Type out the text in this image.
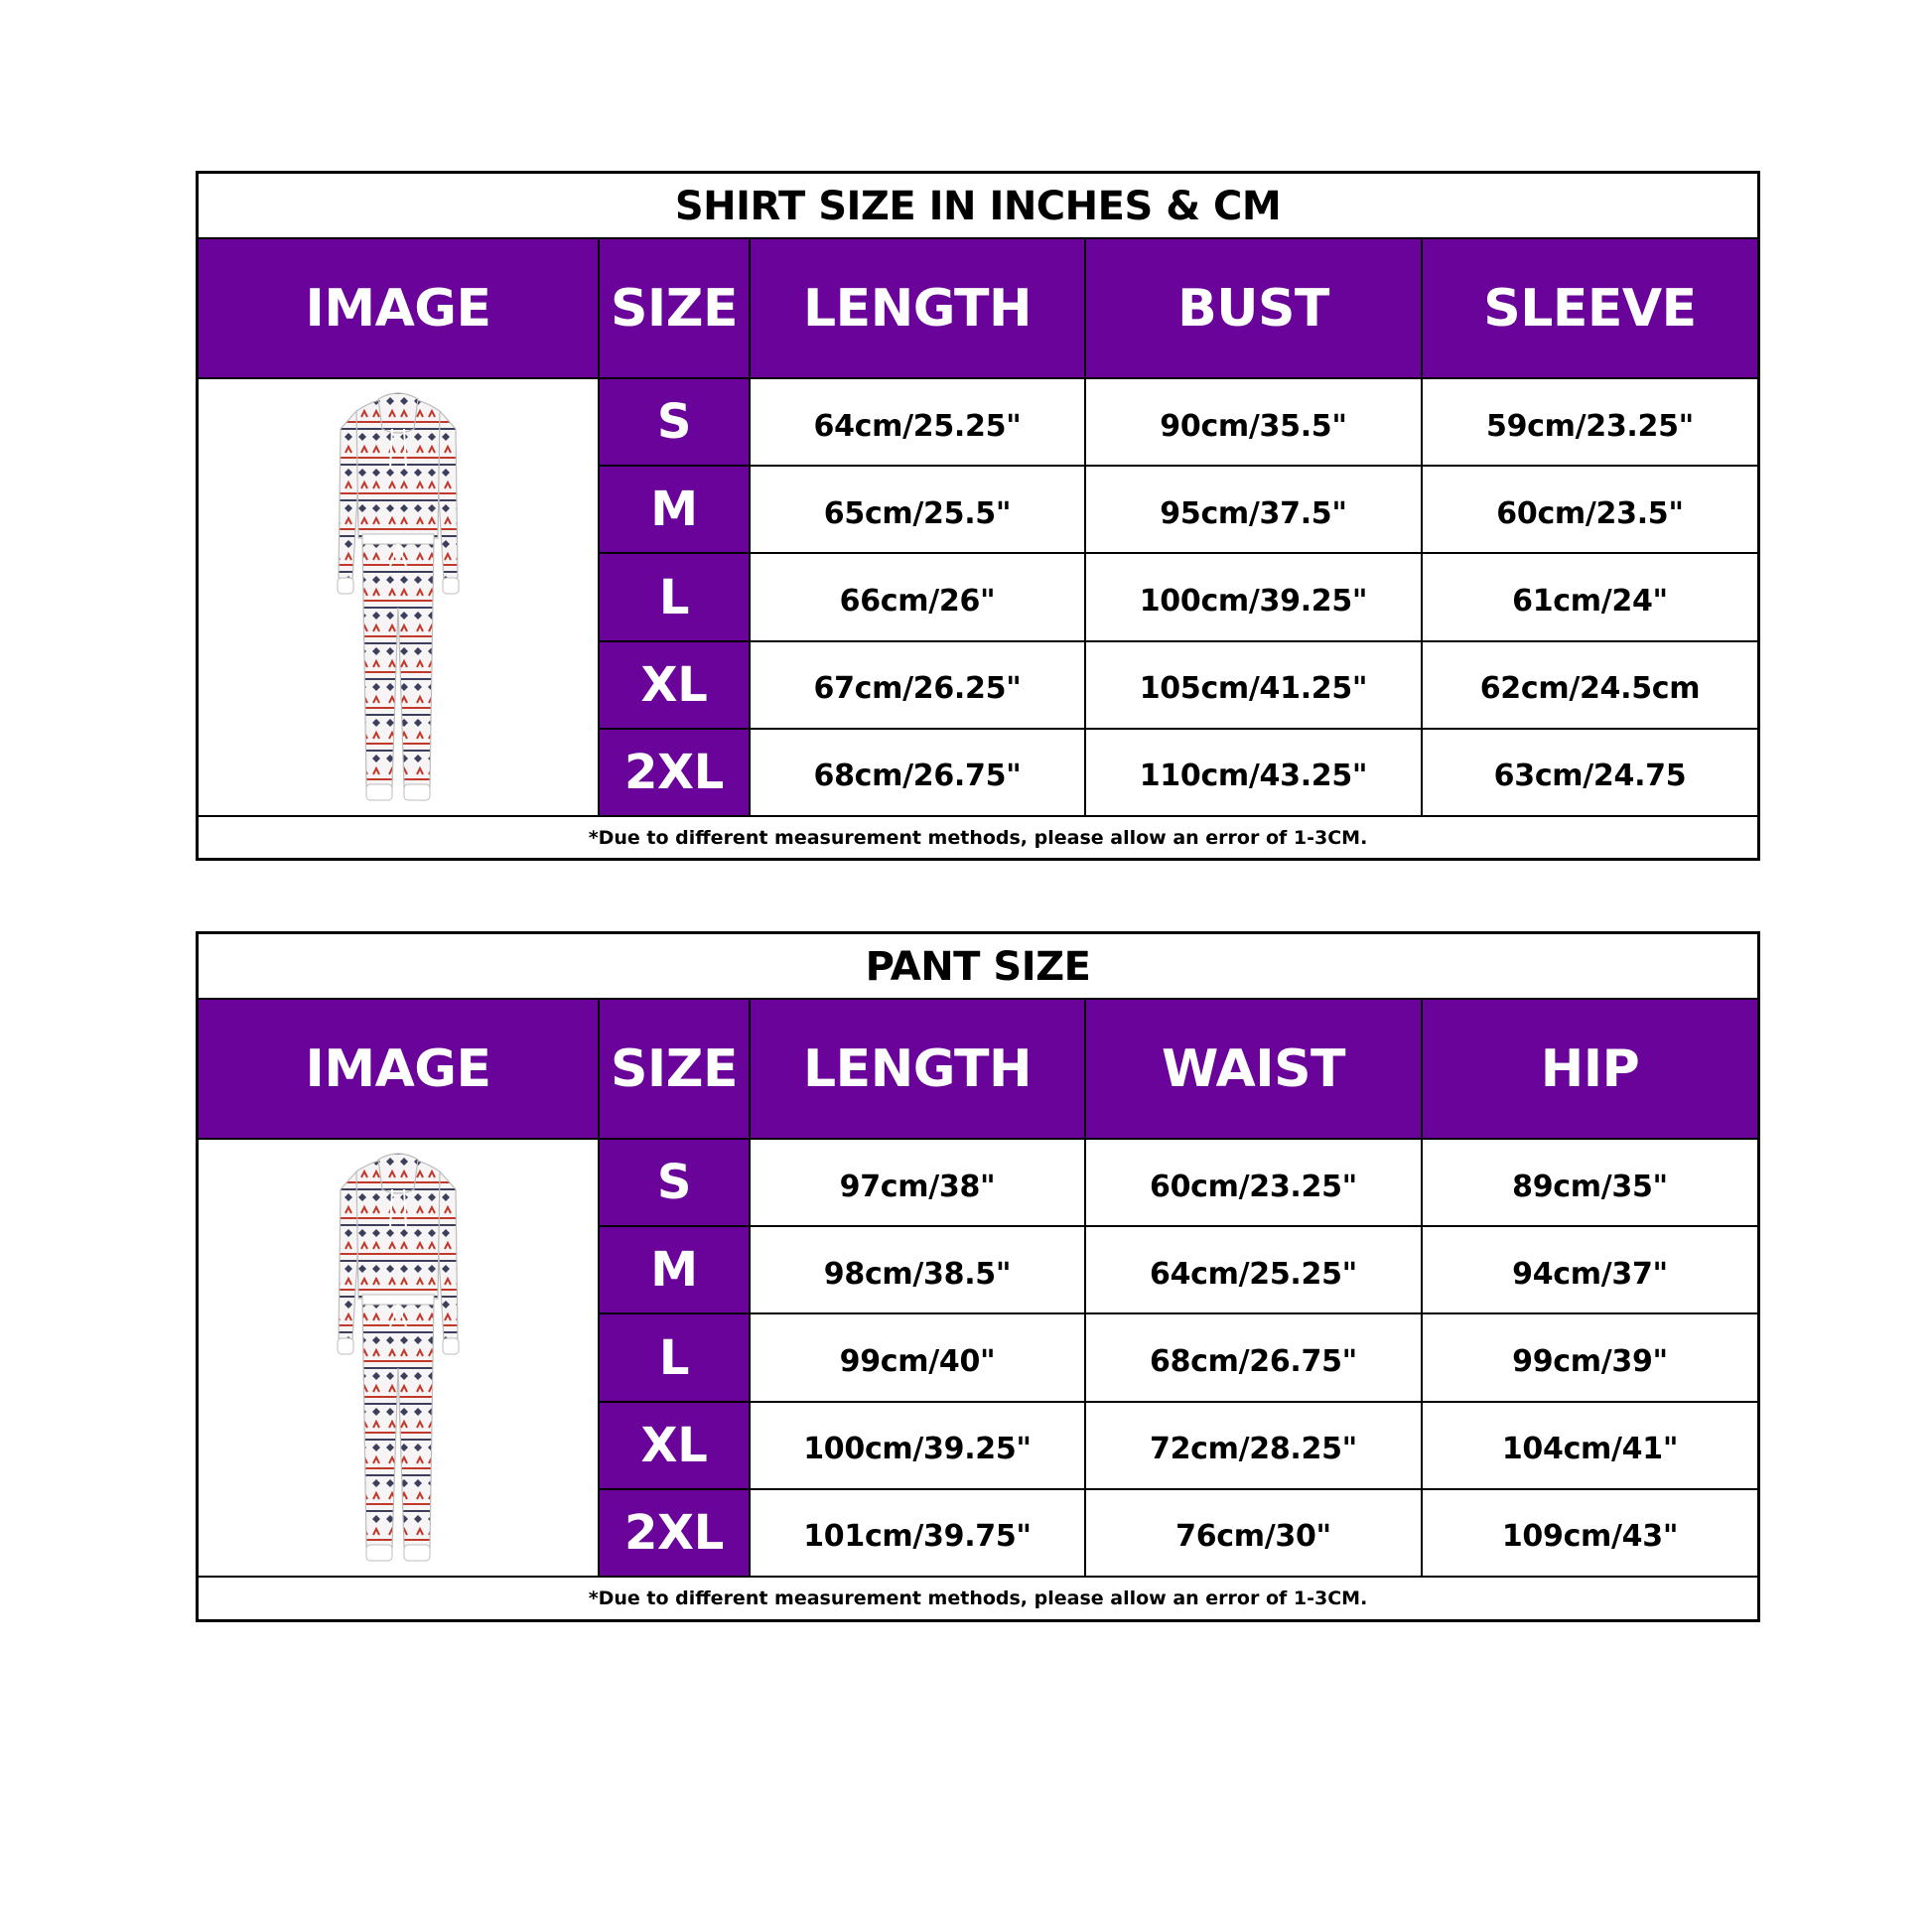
SHIRT SIZE IN INCHES & CM
IMAGE	SIZE	LENGTH	BUST	SLEEVE
S	64cm/25.25"	90cm/35.5"	59cm/23.25"
M	65cm/25.5"	95cm/37.5"	60cm/23.5"
L	66cm/26"	100cm/39.25"	61cm/24"
XL	67cm/26.25"	105cm/41.25"	62cm/24.5cm
2XL	68cm/26.75"	110cm/43.25"	63cm/24.75
*Due to different measurement methods, please allow an error of 1-3CM.
PANT SIZE
IMAGE	SIZE	LENGTH	WAIST	HIP
S	97cm/38"	60cm/23.25"	89cm/35"
M	98cm/38.5"	64cm/25.25"	94cm/37"
L	99cm/40"	68cm/26.75"	99cm/39"
XL	100cm/39.25"	72cm/28.25"	104cm/41"
2XL	101cm/39.75"	76cm/30"	109cm/43"
*Due to different measurement methods, please allow an error of 1-3CM.
